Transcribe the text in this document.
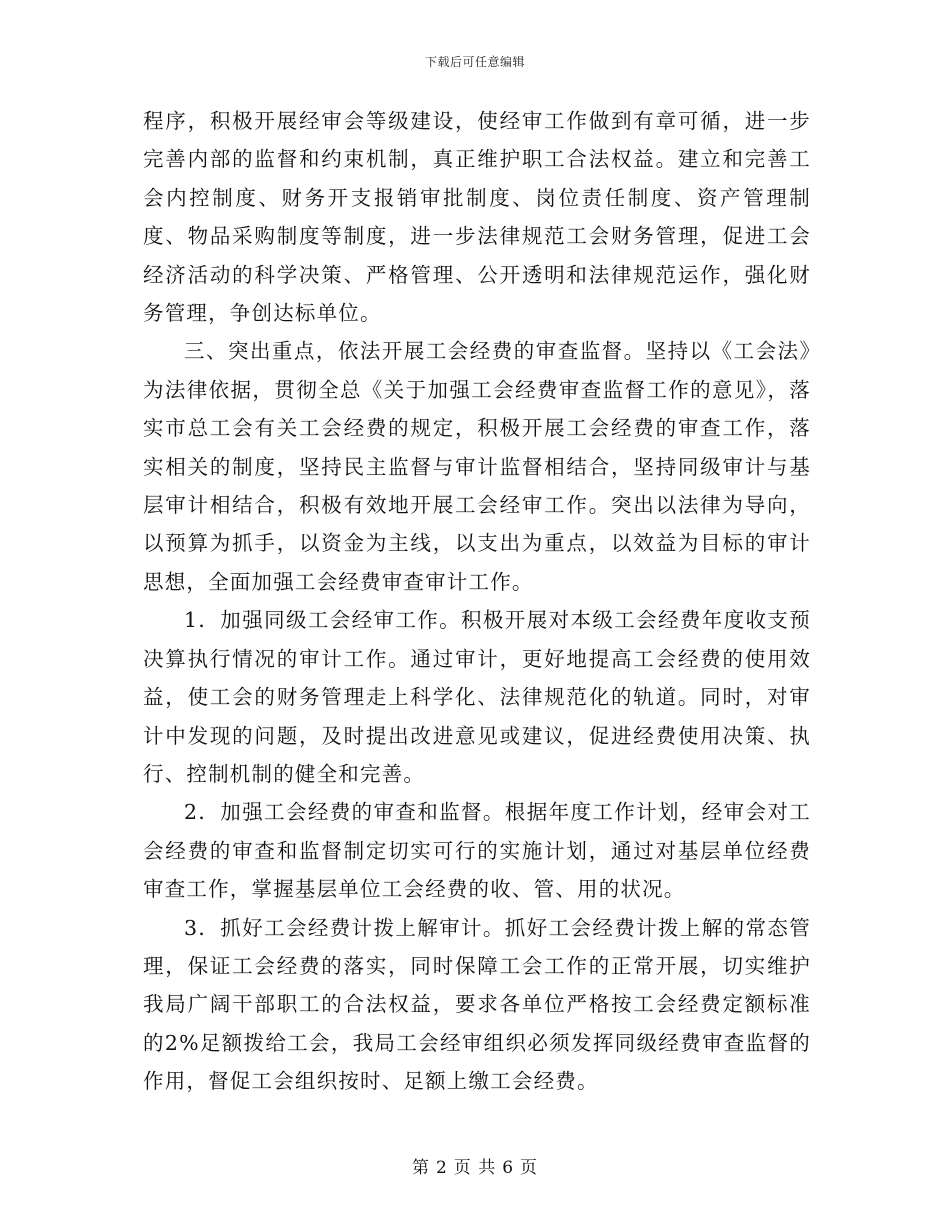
下载后可任意编辑

程序，积极开展经审会等级建设，使经审工作做到有章可循，进一步完善内部的监督和约束机制，真正维护职工合法权益。建立和完善工会内控制度、财务开支报销审批制度、岗位责任制度、资产管理制度、物品采购制度等制度，进一步法律规范工会财务管理，促进工会经济活动的科学决策、严格管理、公开透明和法律规范运作，强化财务管理，争创达标单位。

三、突出重点，依法开展工会经费的审查监督。坚持以《工会法》为法律依据，贯彻全总《关于加强工会经费审查监督工作的意见》，落实市总工会有关工会经费的规定，积极开展工会经费的审查工作，落实相关的制度，坚持民主监督与审计监督相结合，坚持同级审计与基层审计相结合，积极有效地开展工会经审工作。突出以法律为导向，以预算为抓手，以资金为主线，以支出为重点，以效益为目标的审计思想，全面加强工会经费审查审计工作。

1．加强同级工会经审工作。积极开展对本级工会经费年度收支预决算执行情况的审计工作。通过审计，更好地提高工会经费的使用效益，使工会的财务管理走上科学化、法律规范化的轨道。同时，对审计中发现的问题，及时提出改进意见或建议，促进经费使用决策、执行、控制机制的健全和完善。

2．加强工会经费的审查和监督。根据年度工作计划，经审会对工会经费的审查和监督制定切实可行的实施计划，通过对基层单位经费审查工作，掌握基层单位工会经费的收、管、用的状况。

3．抓好工会经费计拨上解审计。抓好工会经费计拨上解的常态管理，保证工会经费的落实，同时保障工会工作的正常开展，切实维护我局广阔干部职工的合法权益，要求各单位严格按工会经费定额标准的2%足额拨给工会，我局工会经审组织必须发挥同级经费审查监督的作用，督促工会组织按时、足额上缴工会经费。

第 2 页 共 6 页
